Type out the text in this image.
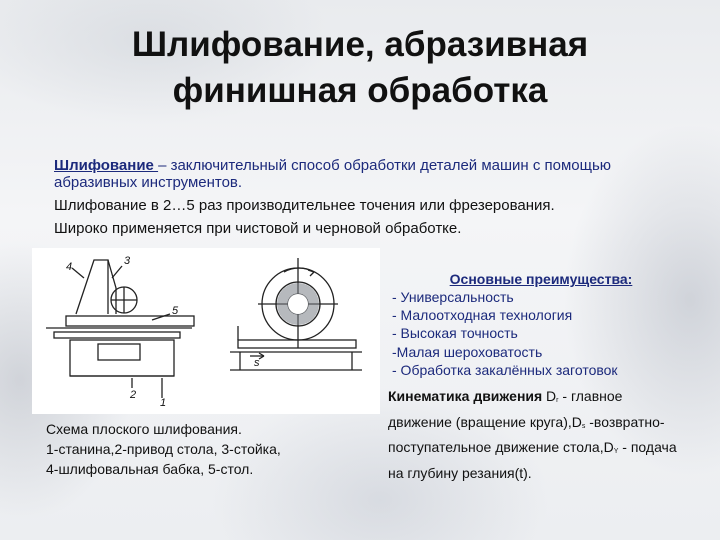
Шлифование, абразивная
финишная обработка

Шлифование – заключительный способ обработки деталей машин с помощью абразивных инструментов.

Шлифование в 2…5 раз производительнее точения или фрезерования.

Широко применяется при чистовой и черновой обработке.

4	3
5
2
1
s
Схема плоского шлифования.
1-станина,2-привод стола, 3-стойка,
4-шлифовальная бабка, 5-стол.
Основные преимущества:
- Универсальность
- Малоотходная технология
- Высокая точность
-Малая шероховатость
- Обработка закалённых заготовок
Кинематика движения Dr - главное движение (вращение круга),Ds -возвратно-поступательное движение стола,DY - подача на глубину резания(t).
